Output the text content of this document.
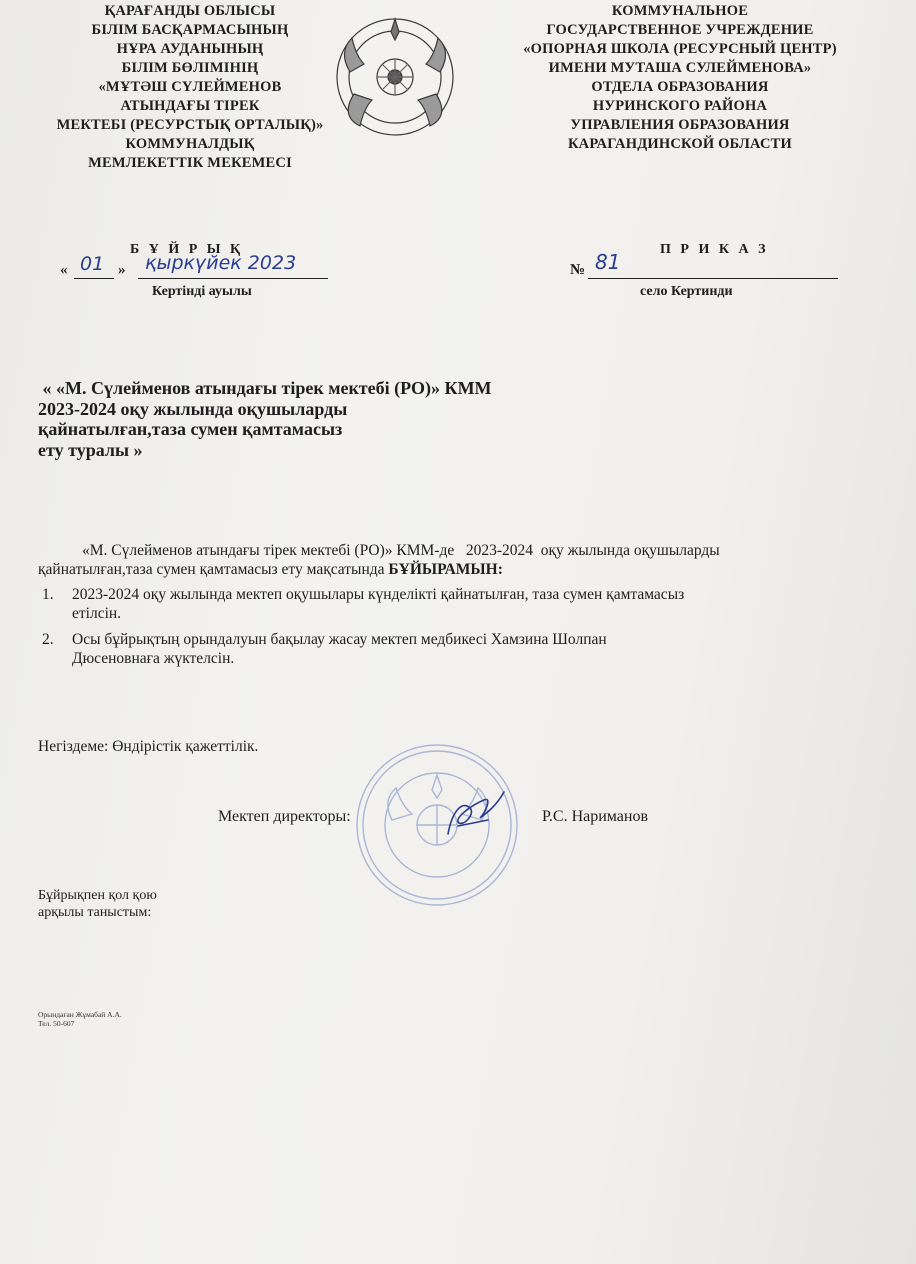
ҚАРАҒАНДЫ ОБЛЫСЫ
БІЛІМ БАСҚАРМАСЫНЫҢ
НҰРА АУДАНЫНЫҢ
БІЛІМ БӨЛІМІНІҢ
«МҰТӘШ СҮЛЕЙМЕНОВ
АТЫНДАҒЫ ТІРЕК
МЕКТЕБІ (РЕСУРСТЫҚ ОРТАЛЫҚ)»
КОММУНАЛДЫҚ
МЕМЛЕКЕТТІК МЕКЕМЕСІ
КОММУНАЛЬНОЕ
ГОСУДАРСТВЕННОЕ УЧРЕЖДЕНИЕ
«ОПОРНАЯ ШКОЛА (РЕСУРСНЫЙ ЦЕНТР)
ИМЕНИ МУТАША СУЛЕЙМЕНОВА»
ОТДЕЛА ОБРАЗОВАНИЯ
НУРИНСКОГО РАЙОНА
УПРАВЛЕНИЯ ОБРАЗОВАНИЯ
КАРАГАНДИНСКОЙ ОБЛАСТИ
Б Ұ Й Р Ы Қ	П Р И К А З
« 01 » қыркүйек 2023	№ 81
Кертінді ауылы	село Кертинди
« «М. Сүлейменов атындағы тірек мектебі (РО)» КММ
2023-2024 оқу жылында оқушыларды
қайнатылған,таза сумен қамтамасыз
ету туралы »
«М. Сүлейменов атындағы тірек мектебі (РО)» КММ-де   2023-2024  оқу жылында оқушыларды
қайнатылған,таза сумен қамтамасыз ету мақсатында БҰЙЫРАМЫН:
1. 2023-2024 оқу жылында мектеп оқушылары күнделікті қайнатылған, таза сумен қамтамасыз
етілсін.
2. Осы бұйрықтың орындалуын бақылау жасау мектеп медбикесі Хамзина Шолпан
Дюсеновнаға жүктелсін.
Негіздеме: Өндірістік қажеттілік.
Мектеп директоры:	Р.С. Нариманов
Бұйрықпен қол қою
арқылы таныстым:
Орындаған Жұмабай А.А.
Тел. 50-607
